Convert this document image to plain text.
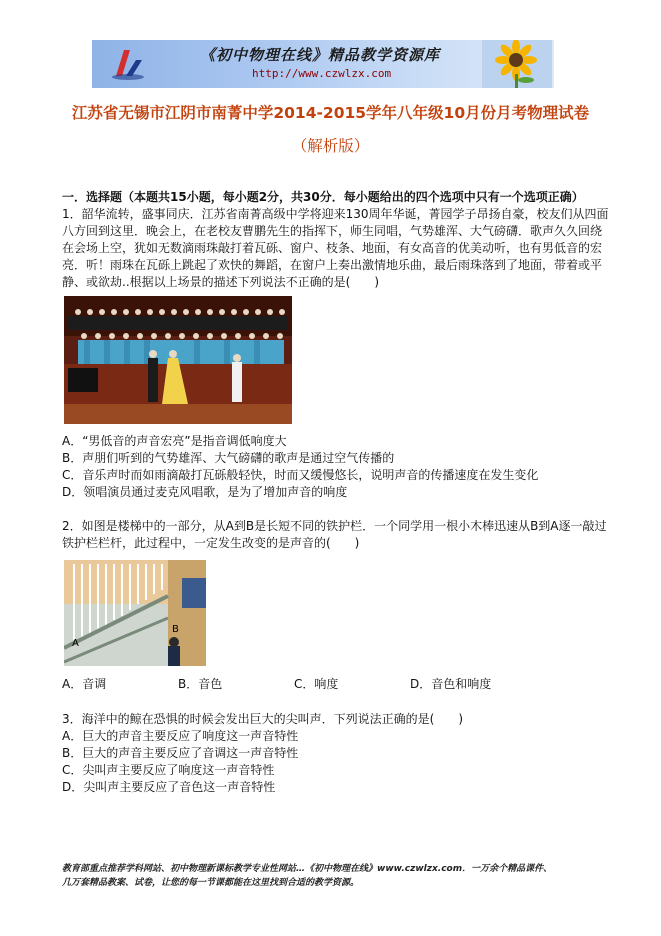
《初中物理在线》精品教学资源库
http://www.czwlzx.com
江苏省无锡市江阴市南菁中学2014-2015学年八年级10月份月考物理试卷
（解析版）
一．选择题（本题共15小题，每小题2分，共30分．每小题给出的四个选项中只有一个选项正确）
1．韶华流转，盛事同庆．江苏省南菁高级中学将迎来130周年华诞，菁园学子昂扬自豪，校友们从四面八方回到这里．晚会上，在老校友曹鹏先生的指挥下，师生同唱，气势雄浑、大气磅礴．歌声久久回绕在会场上空，犹如无数滴雨珠敲打着瓦砾、窗户、枝条、地面，有女高音的优美动听，也有男低音的宏亮．听！雨珠在瓦砾上跳起了欢快的舞蹈，在窗户上奏出激情地乐曲，最后雨珠落到了地面，带着或平静、或欲劫..根据以上场景的描述下列说法不正确的是(　　)
A．“男低音的声音宏亮”是指音调低响度大
B．声朋们听到的气势雄浑、大气磅礴的歌声是通过空气传播的
C．音乐声时而如雨滴敲打瓦砾般轻快，时而又缓慢悠长，说明声音的传播速度在发生变化
D．领唱演员通过麦克风唱歌，是为了增加声音的响度
2．如图是楼梯中的一部分，从A到B是长短不同的铁护栏．一个同学用一根小木棒迅速从B到A逐一敲过铁护栏栏杆，此过程中，一定发生改变的是声音的(　　)
A
B
A．音调	B．音色	C．响度	D．音色和响度
3．海洋中的鲸在恐惧的时候会发出巨大的尖叫声．下列说法正确的是(　　)
A．巨大的声音主要反应了响度这一声音特性
B．巨大的声音主要反应了音调这一声音特性
C．尖叫声主要反应了响度这一声音特性
D．尖叫声主要反应了音色这一声音特性
教育部重点推荐学科网站、初中物理新课标教学专业性网站…《初中物理在线》www.czwlzx.com．一万余个精品课件、
几万套精品教案、试卷，让您的每一节课都能在这里找到合适的教学资源。
